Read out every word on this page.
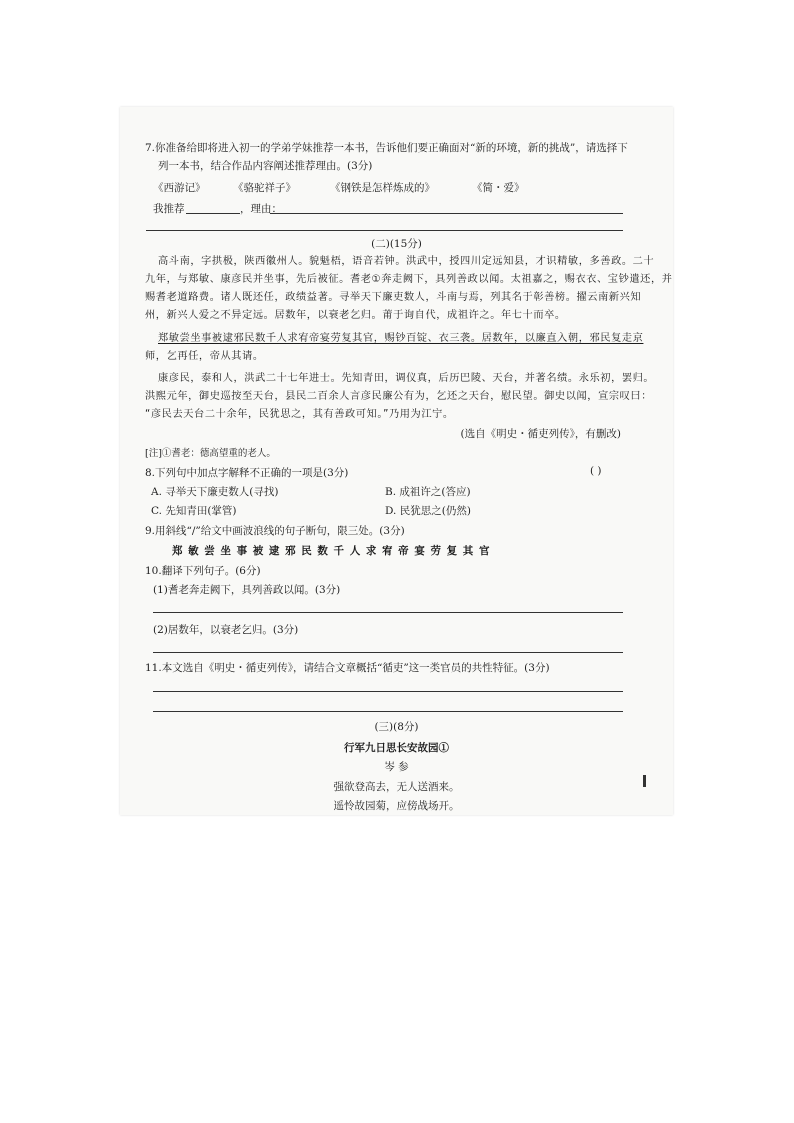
7.你准备给即将进入初一的学弟学妹推荐一本书，告诉他们要正确面对“新的环境，新的挑战”，请选择下
列一本书，结合作品内容阐述推荐理由。(3分)
《西游记》	《骆驼祥子》	《钢铁是怎样炼成的》	《简・爱》
我推荐	，理由：
(二)(15分)
高斗南，字拱极，陕西徽州人。貌魁梧，语音若钟。洪武中，授四川定远知县，才识精敏，多善政。二十
九年，与郑敏、康彦民并坐事，先后被征。耆老①奔走阙下，具列善政以闻。太祖嘉之，赐衣衣、宝钞遣还，并
赐耆老道路费。诸人既还任，政绩益著。寻举天下廉吏数人，斗南与焉，列其名于彰善榜。擢云南新兴知
州，新兴人爱之不异定远。居数年，以衰老乞归。莆于询自代，成祖许之。年七十而卒。
郑敏尝坐事被逮邪民数千人求宥帝宴劳复其官，赐钞百锭、衣三袭。居数年，以廉直入朝，邪民复走京
师，乞再任，帝从其请。
康彦民，泰和人，洪武二十七年进士。先知青田，调仪真，后历巴陵、天台，并著名绩。永乐初，罢归。
洪熙元年，御史巡按至天台，县民二百余人言彦民廉公有为，乞还之天台，慰民望。御史以闻，宣宗叹曰：
“彦民去天台二十余年，民犹思之，其有善政可知。”乃用为江宁。
(选自《明史・循吏列传》，有删改)
[注]①耆老：德高望重的老人。
8.下列句中加点字解释不正确的一项是(3分)	( )
A. 寻举天下廉吏数人(寻找)	B. 成祖许之(答应)
C. 先知青田(掌管)	D. 民犹思之(仍然)
9.用斜线“/”给文中画波浪线的句子断句，限三处。(3分)
郑 敏 尝 坐 事 被 逮 邪 民 数 千 人 求 宥 帝 宴 劳 复 其 官
10.翻译下列句子。(6分)
(1)耆老奔走阙下，具列善政以闻。(3分)
(2)居数年，以衰老乞归。(3分)
11.本文选自《明史・循吏列传》，请结合文章概括“循吏”这一类官员的共性特征。(3分)
(三)(8分)
行军九日思长安故园①
岑 参
强欲登高去，无人送酒来。
遥怜故园菊，应傍战场开。
